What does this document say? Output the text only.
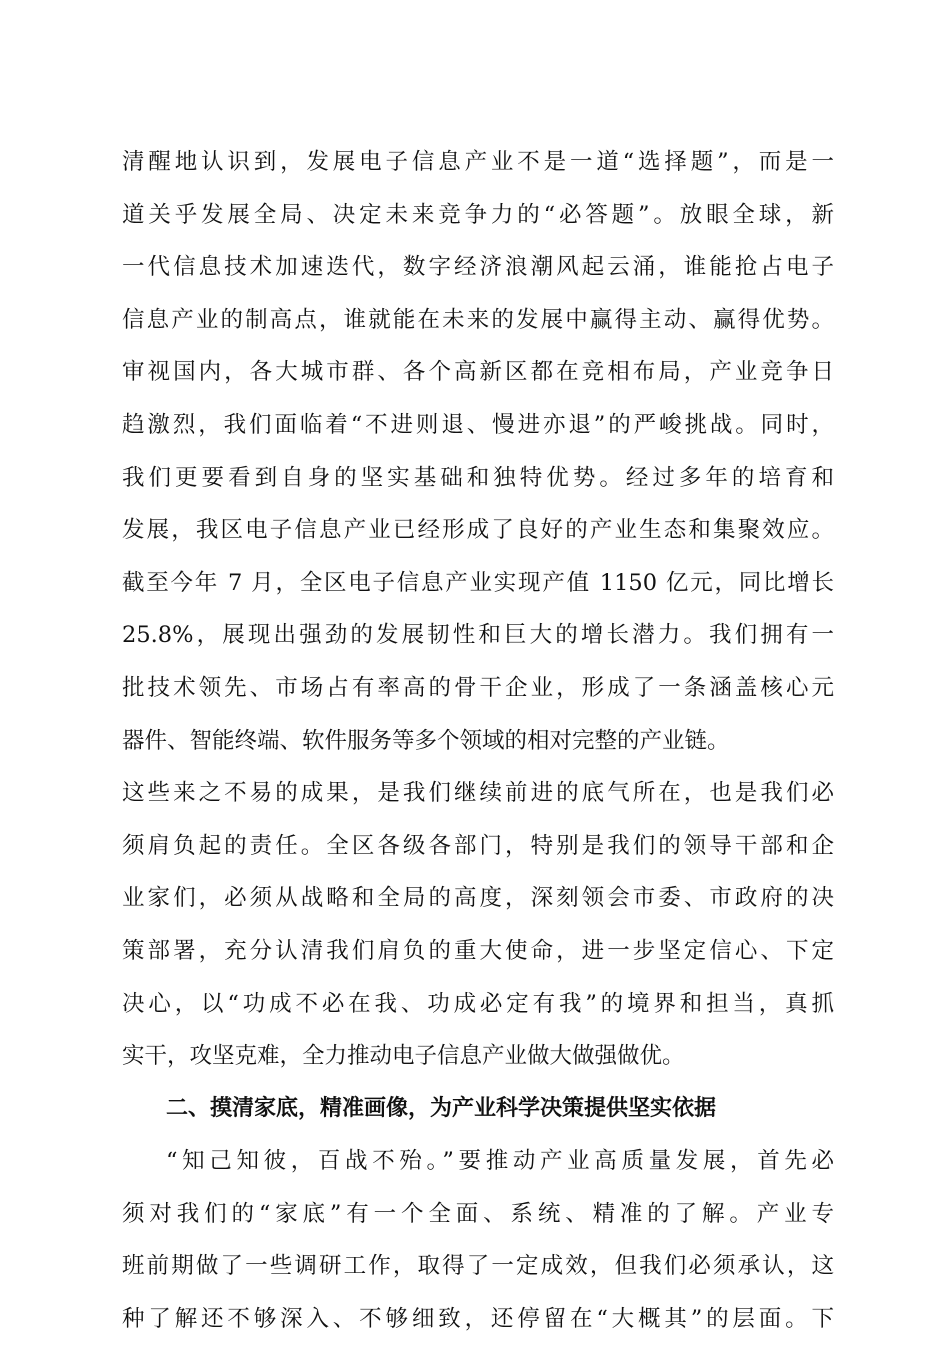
清醒地认识到，发展电子信息产业不是一道“选择题”，而是一
道关乎发展全局、决定未来竞争力的“必答题”。放眼全球，新
一代信息技术加速迭代，数字经济浪潮风起云涌，谁能抢占电子
信息产业的制高点，谁就能在未来的发展中赢得主动、赢得优势。
审视国内，各大城市群、各个高新区都在竞相布局，产业竞争日
趋激烈，我们面临着“不进则退、慢进亦退”的严峻挑战。同时，
我们更要看到自身的坚实基础和独特优势。经过多年的培育和
发展，我区电子信息产业已经形成了良好的产业生态和集聚效应。
截至今年 7 月，全区电子信息产业实现产值 1150 亿元，同比增长
25.8%，展现出强劲的发展韧性和巨大的增长潜力。我们拥有一
批技术领先、市场占有率高的骨干企业，形成了一条涵盖核心元
器件、智能终端、软件服务等多个领域的相对完整的产业链。
这些来之不易的成果，是我们继续前进的底气所在，也是我们必
须肩负起的责任。全区各级各部门，特别是我们的领导干部和企
业家们，必须从战略和全局的高度，深刻领会市委、市政府的决
策部署，充分认清我们肩负的重大使命，进一步坚定信心、下定
决心，以“功成不必在我、功成必定有我”的境界和担当，真抓
实干，攻坚克难，全力推动电子信息产业做大做强做优。
二、摸清家底，精准画像，为产业科学决策提供坚实依据
“知己知彼，百战不殆。”要推动产业高质量发展，首先必
须对我们的“家底”有一个全面、系统、精准的了解。产业专
班前期做了一些调研工作，取得了一定成效，但我们必须承认，这
种了解还不够深入、不够细致，还停留在“大概其”的层面。下
